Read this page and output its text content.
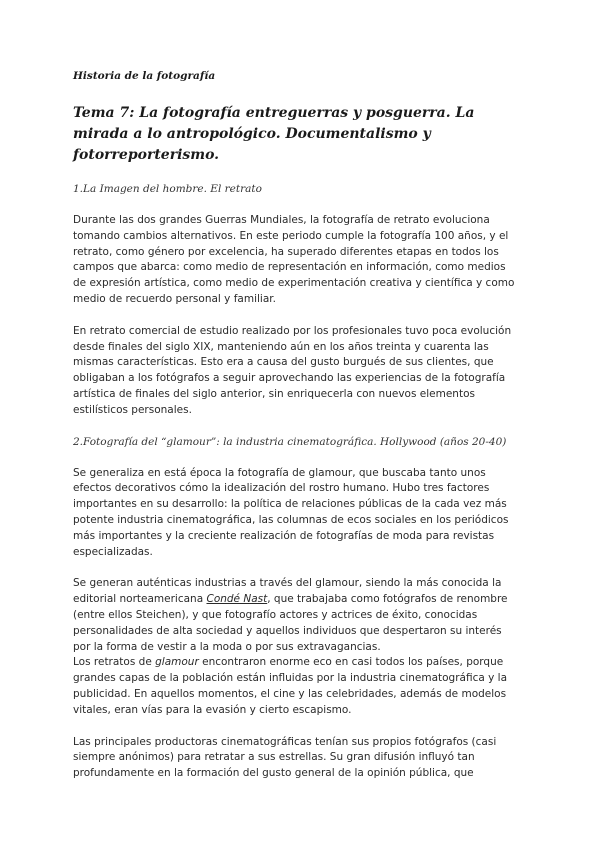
Historia de la fotografía
Tema 7: La fotografía entreguerras y posguerra. La mirada a lo antropológico. Documentalismo y fotorreporterismo.
1.La Imagen del hombre. El retrato

Durante las dos grandes Guerras Mundiales, la fotografía de retrato evoluciona tomando cambios alternativos. En este periodo cumple la fotografía 100 años, y el retrato, como género por excelencia, ha superado diferentes etapas en todos los campos que abarca: como medio de representación en información, como medios de expresión artística, como medio de experimentación creativa y científica y como medio de recuerdo personal y familiar.

En retrato comercial de estudio realizado por los profesionales tuvo poca evolución desde finales del siglo XIX, manteniendo aún en los años treinta y cuarenta las mismas características. Esto era a causa del gusto burgués de sus clientes, que obligaban a los fotógrafos a seguir aprovechando las experiencias de la fotografía artística de finales del siglo anterior, sin enriquecerla con nuevos elementos estilísticos personales.

2.Fotografía del “glamour”: la industria cinematográfica. Hollywood (años 20-40)

Se generaliza en está época la fotografía de glamour, que buscaba tanto unos efectos decorativos cómo la idealización del rostro humano. Hubo tres factores importantes en su desarrollo: la política de relaciones públicas de la cada vez más potente industria cinematográfica, las columnas de ecos sociales en los periódicos más importantes y la creciente realización de fotografías de moda para revistas especializadas.

Se generan auténticas industrias a través del glamour, siendo la más conocida la editorial norteamericana Condé Nast, que trabajaba como fotógrafos de renombre (entre ellos Steichen), y que fotografío actores y actrices de éxito, conocidas personalidades de alta sociedad y aquellos individuos que despertaron su interés por la forma de vestir a la moda o por sus extravagancias.

Los retratos de glamour encontraron enorme eco en casi todos los países, porque grandes capas de la población están influidas por la industria cinematográfica y la publicidad. En aquellos momentos, el cine y las celebridades, además de modelos vitales, eran vías para la evasión y cierto escapismo.

Las principales productoras cinematográficas tenían sus propios fotógrafos (casi siempre anónimos) para retratar a sus estrellas. Su gran difusión influyó tan profundamente en la formación del gusto general de la opinión pública, que
